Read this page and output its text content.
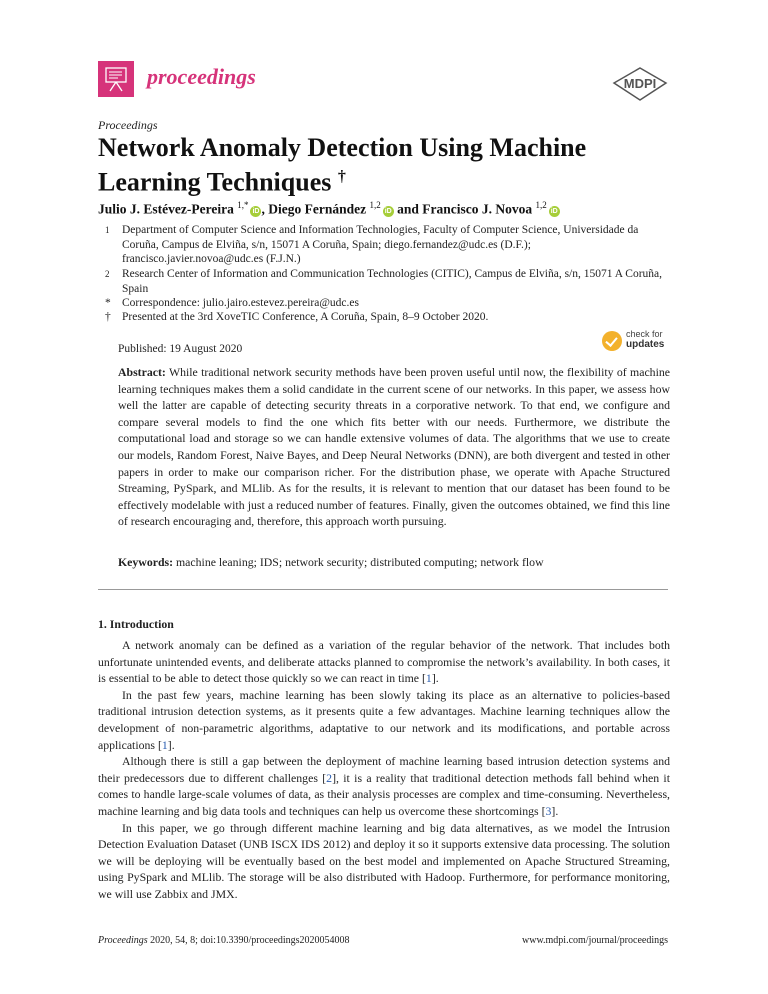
proceedings	MDPI
Proceedings
Network Anomaly Detection Using Machine
Learning Techniques †
Julio J. Estévez-Pereira $^{1,*}$iD , Diego Fernández $^{1,2}$iD and Francisco J. Novoa $^{1,2}$iD
1	Department of Computer Science and Information Technologies, Faculty of Computer Science, Universidade da Coruña, Campus de Elviña, s/n, 15071 A Coruña, Spain; diego.fernandez@udc.es (D.F.); francisco.javier.novoa@udc.es (F.J.N.)
2	Research Center of Information and Communication Technologies (CITIC), Campus de Elviña, s/n, 15071 A Coruña, Spain
* Correspondence: julio.jairo.estevez.pereira@udc.es
† Presented at the 3rd XoveTIC Conference, A Coruña, Spain, 8–9 October 2020.
Published: 19 August 2020
check for
updates
Abstract: While traditional network security methods have been proven useful until now, the flexibility of machine learning techniques makes them a solid candidate in the current scene of our networks. In this paper, we assess how well the latter are capable of detecting security threats in a corporative network. To that end, we configure and compare several models to find the one which fits better with our needs. Furthermore, we distribute the computational load and storage so we can handle extensive volumes of data. The algorithms that we use to create our models, Random Forest, Naive Bayes, and Deep Neural Networks (DNN), are both divergent and tested in other papers in order to make our comparison richer. For the distribution phase, we operate with Apache Structured Streaming, PySpark, and MLlib. As for the results, it is relevant to mention that our dataset has been found to be effectively modelable with just a reduced number of features. Finally, given the outcomes obtained, we find this line of research encouraging and, therefore, this approach worth pursuing.
Keywords: machine leaning; IDS; network security; distributed computing; network flow
1. Introduction

A network anomaly can be defined as a variation of the regular behavior of the network. That includes both unfortunate unintended events, and deliberate attacks planned to compromise the network’s availability. In both cases, it is essential to be able to detect those quickly so we can react in time [1].

In the past few years, machine learning has been slowly taking its place as an alternative to policies-based traditional intrusion detection systems, as it presents quite a few advantages. Machine learning techniques allow the development of non-parametric algorithms, adaptative to our network and its modifications, and portable across applications [1].

Although there is still a gap between the deployment of machine learning based intrusion detection systems and their predecessors due to different challenges [2], it is a reality that traditional detection methods fall behind when it comes to handle large-scale volumes of data, as their analysis processes are complex and time-consuming. Nevertheless, machine learning and big data tools and techniques can help us overcome these shortcomings [3].

In this paper, we go through different machine learning and big data alternatives, as we model the Intrusion Detection Evaluation Dataset (UNB ISCX IDS 2012) and deploy it so it supports extensive data processing. The solution we will be deploying will be eventually based on the best model and implemented on Apache Structured Streaming, using PySpark and MLlib. The storage will be also distributed with Hadoop. Furthermore, for performance monitoring, we will use Zabbix and JMX.

Proceedings 2020, 54, 8; doi:10.3390/proceedings2020054008	www.mdpi.com/journal/proceedings
